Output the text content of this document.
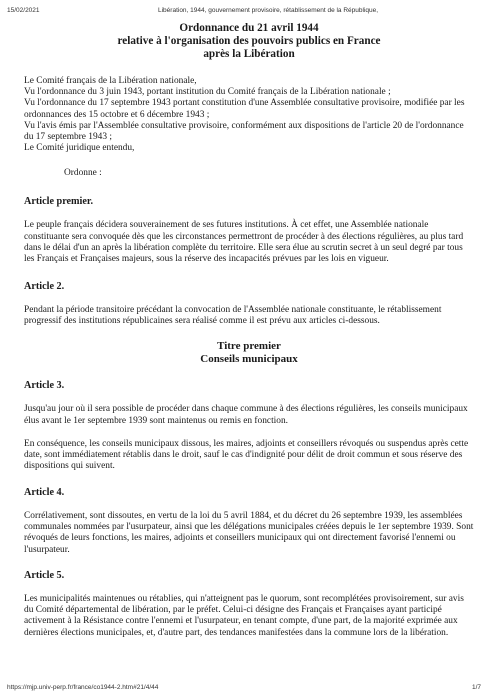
15/02/2021	Libération, 1944, gouvernement provisoire, rétablissement de la République,
Ordonnance du 21 avril 1944
relative à l'organisation des pouvoirs publics en France
après la Libération
Le Comité français de la Libération nationale,
Vu l'ordonnance du 3 juin 1943, portant institution du Comité français de la Libération nationale ;
Vu l'ordonnance du 17 septembre 1943 portant constitution d'une Assemblée consultative provisoire, modifiée par les ordonnances des 15 octobre et 6 décembre 1943 ;
Vu l'avis émis par l'Assemblée consultative provisoire, conformément aux dispositions de l'article 20 de l'ordonnance du 17 septembre 1943 ;
Le Comité juridique entendu,
Ordonne :

Article premier.

Le peuple français décidera souverainement de ses futures institutions. À cet effet, une Assemblée nationale constituante sera convoquée dès que les circonstances permettront de procéder à des élections régulières, au plus tard dans le délai d'un an après la libération complète du territoire. Elle sera élue au scrutin secret à un seul degré par tous les Français et Françaises majeurs, sous la réserve des incapacités prévues par les lois en vigueur.

Article 2.

Pendant la période transitoire précédant la convocation de l'Assemblée nationale constituante, le rétablissement progressif des institutions républicaines sera réalisé comme il est prévu aux articles ci-dessous.

Titre premier
Conseils municipaux

Article 3.

Jusqu'au jour où il sera possible de procéder dans chaque commune à des élections régulières, les conseils municipaux élus avant le 1er septembre 1939 sont maintenus ou remis en fonction.

En conséquence, les conseils municipaux dissous, les maires, adjoints et conseillers révoqués ou suspendus après cette date, sont immédiatement rétablis dans le droit, sauf le cas d'indignité pour délit de droit commun et sous réserve des dispositions qui suivent.

Article 4.

Corrélativement, sont dissoutes, en vertu de la loi du 5 avril 1884, et du décret du 26 septembre 1939, les assemblées communales nommées par l'usurpateur, ainsi que les délégations municipales créées depuis le 1er septembre 1939. Sont révoqués de leurs fonctions, les maires, adjoints et conseillers municipaux qui ont directement favorisé l'ennemi ou l'usurpateur.

Article 5.

Les municipalités maintenues ou rétablies, qui n'atteignent pas le quorum, sont recomplétées provisoirement, sur avis du Comité départemental de libération, par le préfet. Celui-ci désigne des Français et Françaises ayant participé activement à la Résistance contre l'ennemi et l'usurpateur, en tenant compte, d'une part, de la majorité exprimée aux dernières élections municipales, et, d'autre part, des tendances manifestées dans la commune lors de la libération.

https://mjp.univ-perp.fr/france/co1944-2.htm#21/4/44	1/7
